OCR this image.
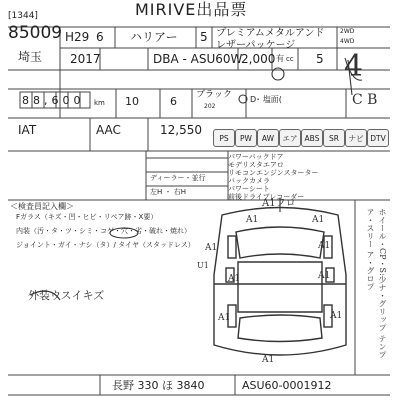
[1344]
85009
MIRIVE出品票
H29 6 ハリアー 5 プレミアムメタルアンドレザーパッケージ
2WD
4WD
埼玉 2017	DBA - ASU60W
2,000 有 cc 5 4
88,600 km 10	6 ブラック
202
D･ 塩面(	C B
IAT	AAC	12,550
PS	PW	AW	エア ABS	SR	ナビ DTV
ディーラー・並行
左H ・ 右H
パワーバックドア
モデリスタエアロ
リモコンエンジンスターター
バックカメラ
パワーシート
前後ドライブレコーダー
＜検査員記入欄＞
Fガラス（キズ・凹・ヒビ・リペア跡・X要）
内装（汚・タ・ツ・シミ・コゲ・穴・劣・破れ・焼れ）
ジョイント・ガイ・ナシ（タ）/ タイヤ（スタッドレス）
外装ウスイキズ
A1フロ
A1	A1
A1	A1
A1	A1
A1
U1
A1
A1
ホイール・CP・S:少ナ・グリップ テンプ ア・スリー ア・グロプ
長野 330 ほ 3840	ASU60-0001912
